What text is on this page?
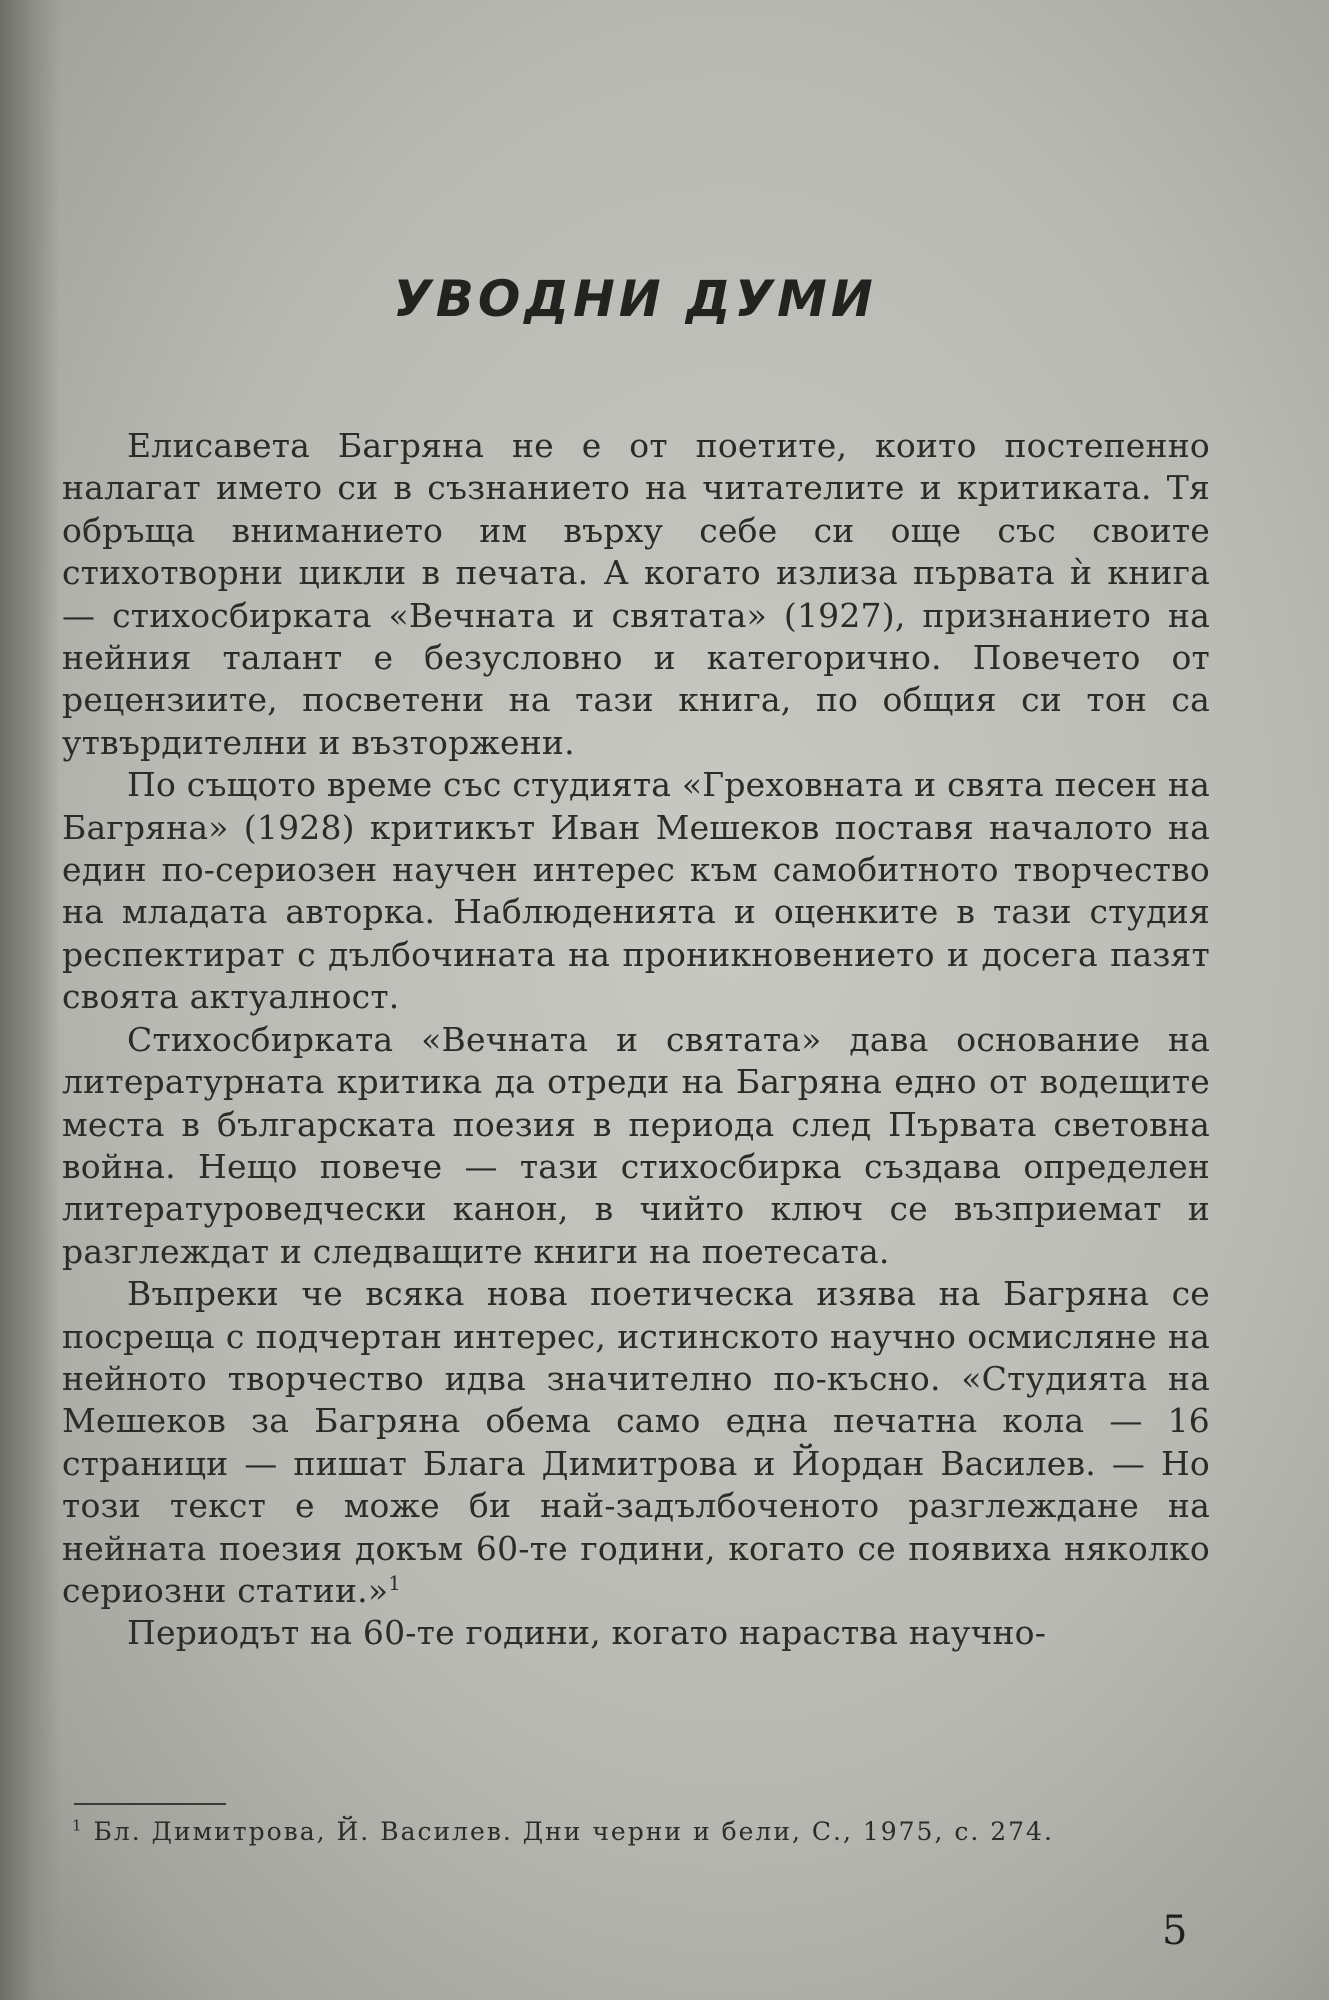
УВОДНИ ДУМИ

Елисавета Багряна не е от поетите, които постепенно налагат името си в съзнанието на читателите и критиката. Тя обръща вниманието им върху себе си още със своите стихотворни цикли в печата. А когато излиза първата ѝ книга — стихосбирката «Вечната и святата» (1927), признанието на нейния талант е безусловно и категорично. Повечето от рецензиите, посветени на тази книга, по общия си тон са утвърдителни и възторжени.

По същото време със студията «Греховната и свята песен на Багряна» (1928) критикът Иван Мешеков поставя началото на един по-сериозен научен интерес към самобитното творчество на младата авторка. Наблюденията и оценките в тази студия респектират с дълбочината на проникновението и досега пазят своята актуалност.

Стихосбирката «Вечната и святата» дава основание на литературната критика да отреди на Багряна едно от водещите места в българската поезия в периода след Първата световна война. Нещо повече — тази стихосбирка създава определен литературоведчески канон, в чийто ключ се възприемат и разглеждат и следващите книги на поетесата.

Въпреки че всяка нова поетическа изява на Багряна се посреща с подчертан интерес, истинското научно осмисляне на нейното творчество идва значително по-късно. «Студията на Мешеков за Багряна обема само една печатна кола — 16 страници — пишат Блага Димитрова и Йордан Василев. — Но този текст е може би най-задълбоченото разглеждане на нейната поезия докъм 60-те години, когато се появиха няколко сериозни статии.»$^1$

Периодът на 60-те години, когато нараства научно-

$^1$ Бл. Димитрова, Й. Василев. Дни черни и бели, С., 1975, с. 274.
5
